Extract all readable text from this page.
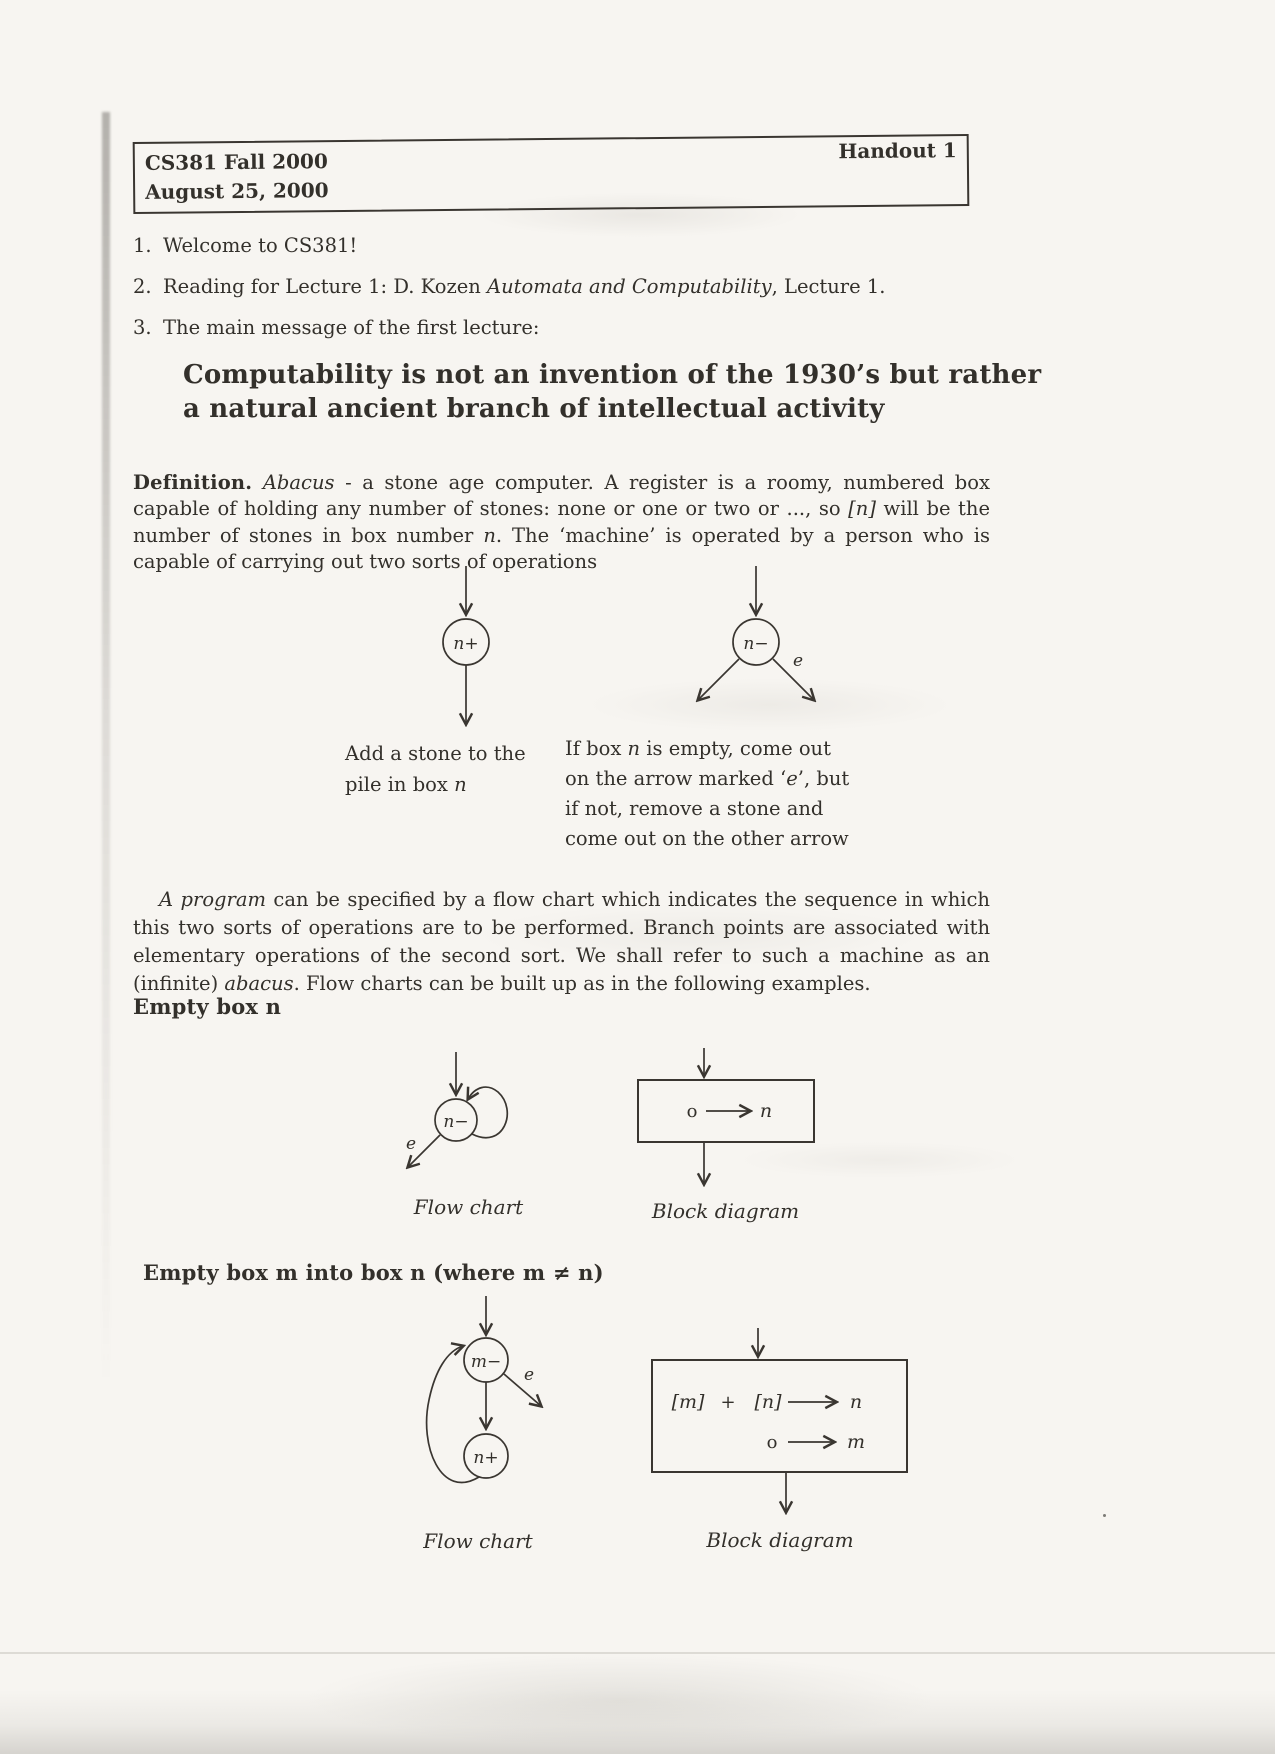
CS381 Fall 2000
August 25, 2000
Handout 1
1. Welcome to CS381!
2. Reading for Lecture 1: D. Kozen Automata and Computability, Lecture 1.
3. The main message of the first lecture:
Computability is not an invention of the 1930’s but rather
a natural ancient branch of intellectual activity

Definition. Abacus - a stone age computer. A register is a roomy, numbered box capable of holding any number of stones: none or one or two or ..., so [n] will be the number of stones in box number n. The ‘machine’ is operated by a person who is capable of carrying out two sorts of operations

n+
Add a stone to the
pile in box n
n−
e
If box n is empty, come out
on the arrow marked ‘e’, but
if not, remove a stone and
come out on the other arrow

A program can be specified by a flow chart which indicates the sequence in which this two sorts of operations are to be performed. Branch points are associated with elementary operations of the second sort. We shall refer to such a machine as an (infinite) abacus. Flow charts can be built up as in the following examples.

Empty box n
n−
e
Flow chart
o	n
Block diagram
Empty box m into box n (where m ≠ n)
m−
e
n+
Flow chart
[m] + [n]	n
o	m
Block diagram
